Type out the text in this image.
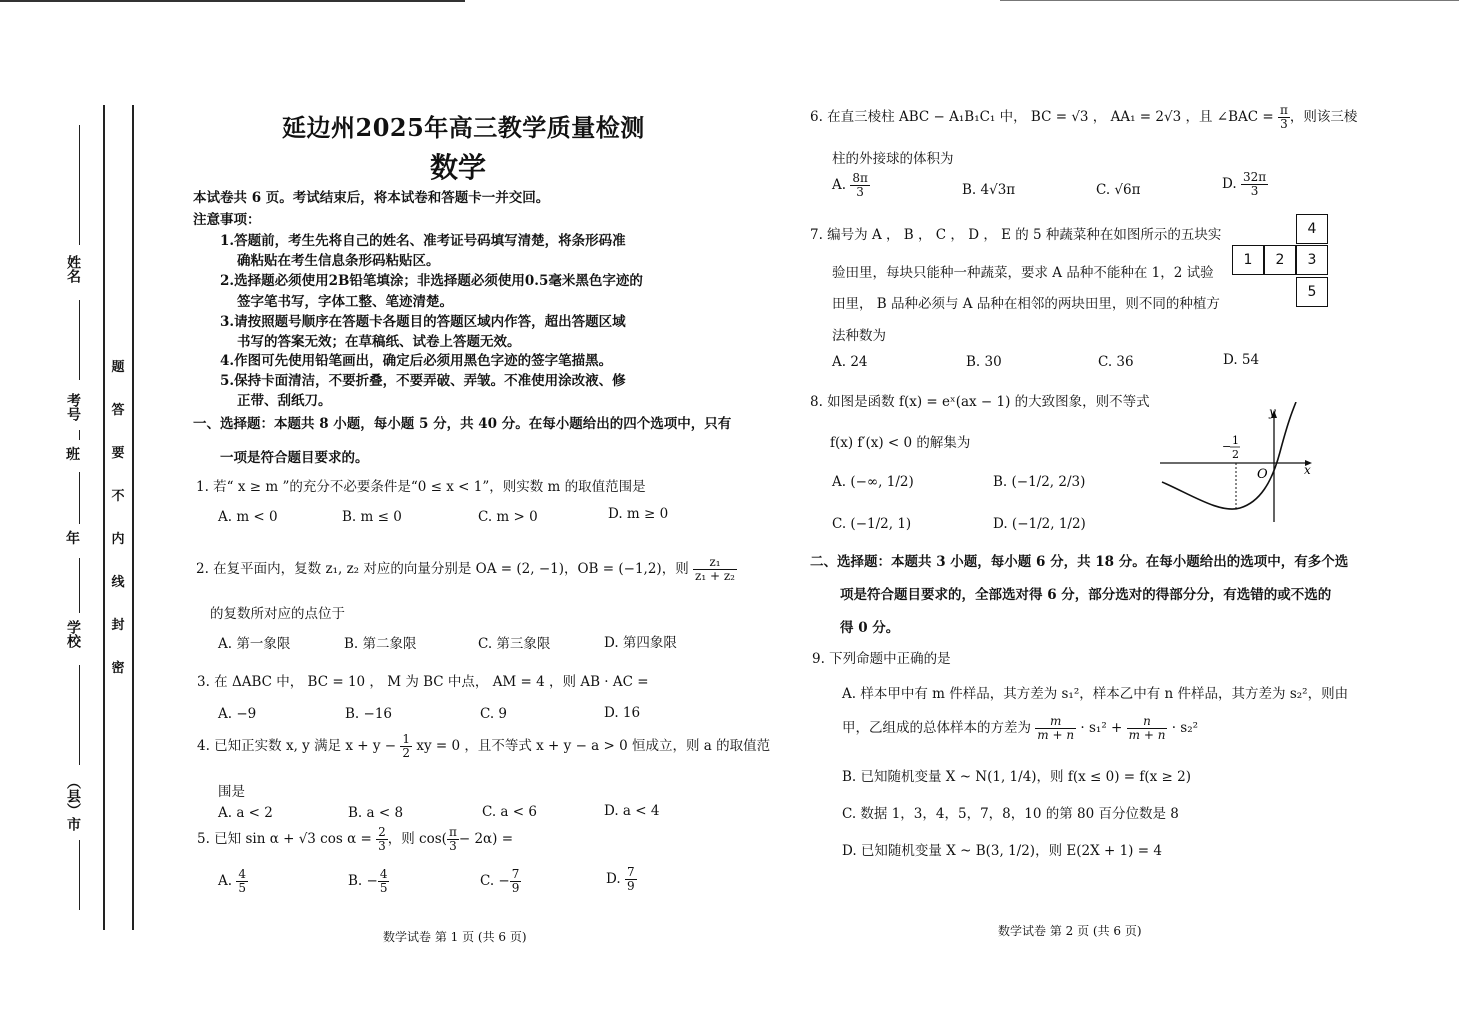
姓名
考号
班
年
学校
（县）市
题
答
要
不
内
线
封
密
延边州2025年高三教学质量检测
数学
本试卷共 6 页。考试结束后，将本试卷和答题卡一并交回。
注意事项：
1.答题前，考生先将自己的姓名、准考证号码填写清楚，将条形码准
确粘贴在考生信息条形码粘贴区。
2.选择题必须使用2B铅笔填涂；非选择题必须使用0.5毫米黑色字迹的
签字笔书写，字体工整、笔迹清楚。
3.请按照题号顺序在答题卡各题目的答题区域内作答，超出答题区域
书写的答案无效；在草稿纸、试卷上答题无效。
4.作图可先使用铅笔画出，确定后必须用黑色字迹的签字笔描黑。
5.保持卡面清洁，不要折叠，不要弄破、弄皱。不准使用涂改液、修
正带、刮纸刀。
一、选择题：本题共 8 小题，每小题 5 分，共 40 分。在每小题给出的四个选项中，只有
一项是符合题目要求的。
1. 若“ x ≥ m ”的充分不必要条件是“0 ≤ x < 1”，则实数 m 的取值范围是
A. m < 0	B. m ≤ 0	C. m > 0	D. m ≥ 0
2. 在复平面内，复数 z₁, z₂ 对应的向量分别是 OA = (2, −1)，OB = (−1,2)，则 $\frac{\text{z₁}}{\text{z₁ + z₂}}$
的复数所对应的点位于
A. 第一象限	B. 第二象限	C. 第三象限	D. 第四象限
3. 在 ΔABC 中， BC = 10 ， M 为 BC 中点， AM = 4 ，则 AB · AC =
A. −9	B. −16	C. 9	D. 16
4. 已知正实数 x, y 满足 $x + y - \frac{1}{2}$ xy = 0 ，且不等式 x + y − a > 0 恒成立，则 a 的取值范
围是
A. a < 2	B. a < 8	C. a < 6	D. a < 4
5. 已知 sin α + √3 $\cos \alpha = \frac{2}{3}$ ，则 $\cos( \frac{\pi}{3} - 2\alpha)$ =
A. $\frac{4}{5}$	B. − $\frac{4}{5}$	C. − $\frac{7}{9}$	D. $\frac{7}{9}$
数学试卷 第 1 页 (共 6 页)
6. 在直三棱柱 ABC − A₁B₁C₁ 中， BC = √3 ， AA₁ = 2√3 ，且 ∠BAC = $\frac{\pi}{3}$ ，则该三棱
柱的外接球的体积为
A. $\frac{8\pi}{3}$	B. 4√3π	C. √6π	D. $\frac{32\pi}{3}$
7. 编号为 A ， B ， C ， D ， E 的 5 种蔬菜种在如图所示的五块实
验田里，每块只能种一种蔬菜，要求 A 品种不能种在 1，2 试验
田里， B 品种必须与 A 品种在相邻的两块田里，则不同的种植方
法种数为
4
1	2	3
5
A. 24	B. 30	C. 36	D. 54
8. 如图是函数 f(x) = eˣ(ax − 1) 的大致图象，则不等式
f(x) f′(x) < 0 的解集为
A. (−∞, 1/2)	B. (−1/2, 2/3)
C. (−1/2, 1)	D. (−1/2, 1/2)
y
x
O
− 1
2
二、选择题：本题共 3 小题，每小题 6 分，共 18 分。在每小题给出的选项中，有多个选
项是符合题目要求的，全部选对得 6 分，部分选对的得部分分，有选错的或不选的
得 0 分。
9. 下列命题中正确的是
A. 样本甲中有 m 件样品，其方差为 s₁²，样本乙中有 n 件样品，其方差为 s₂²，则由
甲，乙组成的总体样本的方差为 $\frac{m}{m + n} \cdot s_1^2 + \frac{n}{m + n} \cdot s_2^2$
B. 已知随机变量 X ~ N(1, 1/4)，则 f(x ≤ 0) = f(x ≥ 2)
C. 数据 1，3，4，5，7，8，10 的第 80 百分位数是 8
D. 已知随机变量 X ~ B(3, 1/2)，则 E(2X + 1) = 4
数学试卷 第 2 页 (共 6 页)
